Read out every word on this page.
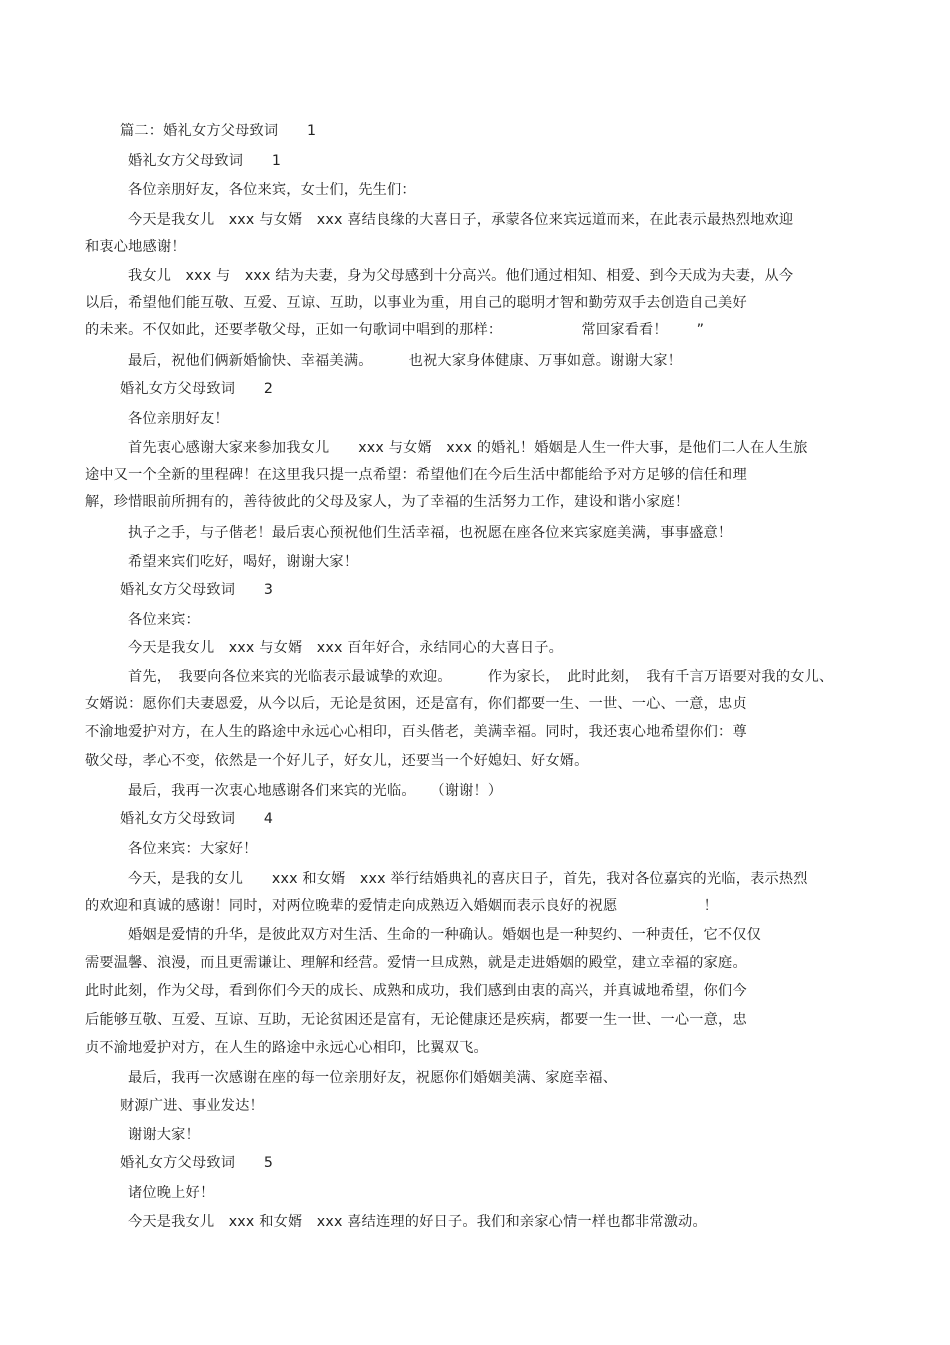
篇二：婚礼女方父母致词　　1
婚礼女方父母致词　　1
各位亲朋好友，各位来宾，女士们，先生们：
今天是我女儿　xxx 与女婿　xxx 喜结良缘的大喜日子，承蒙各位来宾远道而来，在此表示最热烈地欢迎
和衷心地感谢！
我女儿　xxx 与　xxx 结为夫妻，身为父母感到十分高兴。他们通过相知、相爱、到今天成为夫妻，从今
以后，希望他们能互敬、互爱、互谅、互助，以事业为重，用自己的聪明才智和勤劳双手去创造自己美好
的未来。不仅如此，还要孝敬父母，正如一句歌词中唱到的那样：　　　　　　常回家看看！　　”
最后，祝他们俩新婚愉快、幸福美满。　　　也祝大家身体健康、万事如意。谢谢大家！
婚礼女方父母致词　　2
各位亲朋好友！
首先衷心感谢大家来参加我女儿　　xxx 与女婿　xxx 的婚礼！婚姻是人生一件大事，是他们二人在人生旅
途中又一个全新的里程碑！在这里我只提一点希望：希望他们在今后生活中都能给予对方足够的信任和理
解，珍惜眼前所拥有的，善待彼此的父母及家人，为了幸福的生活努力工作，建设和谐小家庭！
执子之手，与子偕老！最后衷心预祝他们生活幸福，也祝愿在座各位来宾家庭美满，事事盛意！
希望来宾们吃好，喝好，谢谢大家！
婚礼女方父母致词　　3
各位来宾：
今天是我女儿　xxx 与女婿　xxx 百年好合，永结同心的大喜日子。
首先，　我要向各位来宾的光临表示最诚挚的欢迎。　　　作为家长，　此时此刻，　我有千言万语要对我的女儿、
女婿说：愿你们夫妻恩爱，从今以后，无论是贫困，还是富有，你们都要一生、一世、一心、一意，忠贞
不渝地爱护对方，在人生的路途中永远心心相印，百头偕老，美满幸福。同时，我还衷心地希望你们：尊
敬父母，孝心不变，依然是一个好儿子，好女儿，还要当一个好媳妇、好女婿。
最后，我再一次衷心地感谢各们来宾的光临。　　（谢谢！）
婚礼女方父母致词　　4
各位来宾：大家好！
今天，是我的女儿　　xxx 和女婿　xxx 举行结婚典礼的喜庆日子，首先，我对各位嘉宾的光临，表示热烈
的欢迎和真诚的感谢！同时，对两位晚辈的爱情走向成熟迈入婚姻而表示良好的祝愿　　　　　　！
婚姻是爱情的升华，是彼此双方对生活、生命的一种确认。婚姻也是一种契约、一种责任，它不仅仅
需要温馨、浪漫，而且更需谦让、理解和经营。爱情一旦成熟，就是走进婚姻的殿堂，建立幸福的家庭。
此时此刻，作为父母，看到你们今天的成长、成熟和成功，我们感到由衷的高兴，并真诚地希望，你们今
后能够互敬、互爱、互谅、互助，无论贫困还是富有，无论健康还是疾病，都要一生一世、一心一意，忠
贞不渝地爱护对方，在人生的路途中永远心心相印，比翼双飞。
最后，我再一次感谢在座的每一位亲朋好友，祝愿你们婚姻美满、家庭幸福、
财源广进、事业发达！
谢谢大家！
婚礼女方父母致词　　5
诸位晚上好！
今天是我女儿　xxx 和女婿　xxx 喜结连理的好日子。我们和亲家心情一样也都非常激动。
